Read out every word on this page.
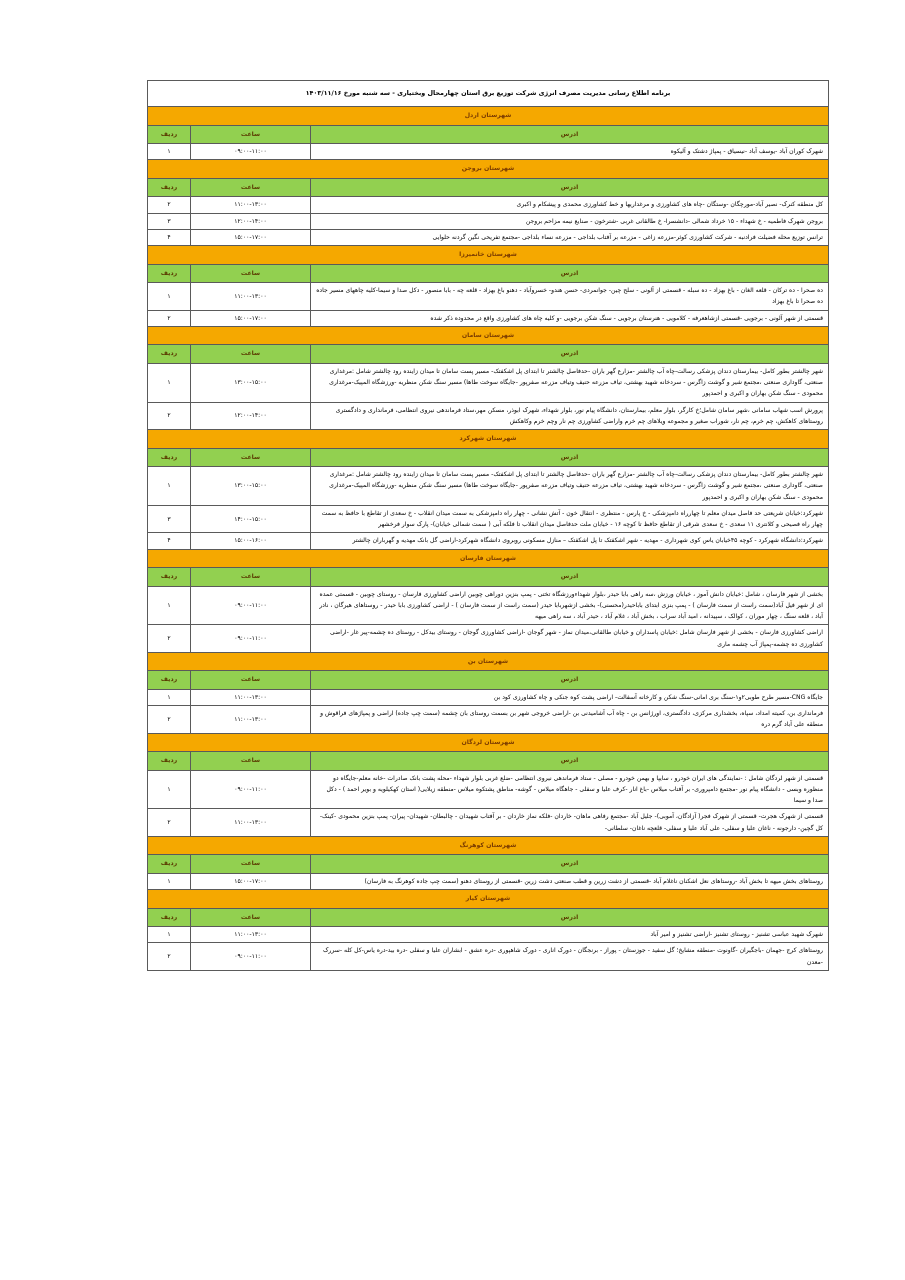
برنامه اطلاع رسانی مدیریت مصرف انرژی شرکت توزیع برق استان چهارمحال وبختیاری - سه شنبه مورخ ۱۴۰۳/۱۱/۱۶		
شهرستان اردل		
ادرس	ساعت	ردیف
شهرک کوران آباد -یوسف آباد -نیسیاق - پمپاژ دشتک و آلیکوه	۰۹:۰۰-۱۱:۰۰	۱
شهرستان بروجن		
ادرس	ساعت	ردیف
کل منطقه کنرک- نصیر آباد-مورچگان -وستگان -چاه های کشاورزی و مرغداریها و خط کشاورزی محمدی و پیشکام و اکبری	۱۱:۰۰-۱۳:۰۰	۲
بروجن شهرک فاطمیه - خ شهداء - ۱۵ خرداد شمالی -دانشسرا- خ طالقانی غربی -شترخون - صنایع نیمه مزاحم بروجن	۱۲:۰۰-۱۴:۰۰	۳
ترانس توزیع محله فضیلت فرادنبه - شرکت کشاورزی کوثر-مزرعه زاغی - مزرعه بر آفتاب بلداجی - مزرعه نساء بلداجی -مجتمع تفریحی نگین گردنه حلوایی	۱۵:۰۰-۱۷:۰۰	۴
شهرستان خانمیرزا		
ادرس	ساعت	ردیف
ده صحرا - ده ترکان - قلعه الغان - باغ بهزاد - ده سبله - قسمتی از آلونی - سلح چین- جوانمردی- حسن هندو- خسروآباد - دهنو باغ بهزاد - قلعه چه - بابا منصور - دکل صدا و سیما-کلیه چاههای مسیر جاده ده صحرا تا باغ بهزاد	۱۱:۰۰-۱۳:۰۰	۱
قسمتی از شهر آلونی - برجویی -قسمتی ازشاهعرفه - کلامویی - هنرستان برجویی - سنگ شکن برجویی -و کلیه چاه های کشاورزی واقع در محدوده ذکر شده	۱۵:۰۰-۱۷:۰۰	۲
شهرستان سامان		
ادرس	ساعت	ردیف
شهر چالشتر بطور کامل- بیمارستان دندان پزشکی رسالت-چاه آب چالشتر -مزارع گهر باران -حدفاصل چالشتر تا ابتدای پل اشکفتک- مسیر پست سامان تا میدان زاینده رود چالشتر شامل :مرغداری صنعتی، گاوداری صنعتی ،مجتمع شیر و گوشت زاگرس - سردخانه شهید بهشتی، تیاف مزرعه حنیف وتیاف مزرعه صفرپور -جایگاه سوخت طاها) مسیر سنگ شکن منظریه -ورزشگاه المپیک-مرغداری محمودی - سنگ شکن بهاران و اکبری و احمدپور	۱۳:۰۰-۱۵:۰۰	۱
پرورش اسب شهاب سامانی ،شهر سامان شامل؛خ کارگر، بلوار معلم، بیمارستان، دانشگاه پیام نور، بلوار شهداء، شهرک ابوذر، مسکن مهر،ستاد فرماندهی نیروی انتظامی، فرمانداری و دادگستری روستاهای کاهکش، چم خرم، چم نار، شوراب صغیر و مجموعه ویلاهای چم خرم واراضی کشاورزی چم نار وچم خرم وکاهکش	۱۲:۰۰-۱۴:۰۰	۲
شهرستان شهرکرد		
ادرس	ساعت	ردیف
شهر چالشتر بطور کامل- بیمارستان دندان پزشکی رسالت-چاه آب چالشتر -مزارع گهر باران -حدفاصل چالشتر تا ابتدای پل اشکفتک- مسیر پست سامان تا میدان زاینده رود چالشتر شامل :مرغداری صنعتی، گاوداری صنعتی ،مجتمع شیر و گوشت زاگرس - سردخانه شهید بهشتی، تیاف مزرعه حنیف وتیاف مزرعه صفرپور -جایگاه سوخت طاها) مسیر سنگ شکن منظریه -ورزشگاه المپیک-مرغداری محمودی - سنگ شکن بهاران و اکبری و احمدپور	۱۳:۰۰-۱۵:۰۰	۱
شهرکرد:خیابان شریعتی حد فاصل میدان معلم تا چهارراه دامپزشکی - خ پارس - منتظری - انتقال خون - آتش نشانی - چهار راه دامپزشکی به سمت میدان انقلاب - خ سعدی از تقاطع با حافظ به سمت چهار راه فصیحی و کلانتری ۱۱ سعدی - خ سعدی شرقی از تقاطع حافظ تا کوچه ۱۶ - خیابان ملت حدفاصل میدان انقلاب تا فلکه آبی ( سمت شمالی خیابان)- پارک سوار فرخشهر	۱۴:۰۰-۱۵:۰۰	۳
شهرکرد:دانشگاه شهرکرد - کوچه ۴۵خیابان یاس کوی شهرداری - مهدیه - شهر اشکفتک تا پل اشکفتک – منازل مسکونی روبروی دانشگاه شهرکرد-اراضی گل بانک مهدیه و گهرباران چالشتر	۱۵:۰۰-۱۶:۰۰	۴
شهرستان فارسان		
ادرس	ساعت	ردیف
بخشی از شهر فارسان ، شامل :خیابان دانش آموز ، خیابان ورزش ،سه راهی بابا حیدر ،بلوار شهداءورزشگاه تختی - پمپ بنزین دوراهی چوبین اراضی کشاورزی فارسان - روستای چوبین - قسمتی عمده ای از شهر فیل آباد(سمت راست از سمت فارسان ) - پمپ بنزی ابتدای باباحیدر(محسنی)- بخشی ازشهربابا حیدر (سمت راست از سمت فارسان ) - اراضی کشاورزی بابا حیدر - روستاهای هیرگان ، نادر آباد ، قلعه سنگ ، چهار موران ، کوالک ، سپیدانه ، امید آباد سراب ، بخش آباد ، غلام آباد ، حیدر آباد ، سه راهی میهه	۰۹:۰۰-۱۱:۰۰	۱
اراضی کشاورزی فارسان - بخشی از شهر فارسان شامل :خیابان پاسداران و خیابان طالقانی،میدان نماز - شهر گوجان -اراضی کشاورزی گوجان - روستای بیدکل - روستای ده چشمه-پیر غار -اراضی کشاورزی ده چشمه-پمپاژ آب چشمه ماری	۰۹:۰۰-۱۱:۰۰	۲
شهرستان بن		
ادرس	ساعت	ردیف
جایگاه CNG-مسیر طرح طوبی۲و۱-سنگ بری امانی-سنگ شکن و کارخانه آسفالت- اراضی پشت کوه جنکی و چاه کشاورزی کود بن	۱۱:۰۰-۱۳:۰۰	۱
فرمانداری بن، کمیته امداد، سپاه، بخشداری مرکزی، دادگستری، اورژانس بن - چاه آب آشامیدنی بن -اراضی خروجی شهر بن بسمت روستای بان چشمه (سمت چپ جاده) اراضی و پمپاژهای فراقوش و منطقه علی آباد گرم دره	۱۱:۰۰-۱۳:۰۰	۲
شهرستان لردگان		
ادرس	ساعت	ردیف
قسمتی از شهر لردگان شامل : -نمایندگی های ایران خودرو ، سایپا و بهمن خودرو - مصلی - ستاد فرماندهی نیروی انتظامی -ضلع غربی بلوار شهداء -محله پشت بانک صادرات -خانه معلم-جایگاه دو منظوره وبسی - دانشگاه پیام نور -مجتمع دامپروری- بر آفتاب میلاس -باغ انار -کرف علیا و سفلی - جاهگاه میلاس - گوشه- مناطق پشتکوه میلاس -منطقه زیلایی( استان کهکیلویه و بویر احمد ) - دکل صدا و سیما	۰۹:۰۰-۱۱:۰۰	۱
قسمتی از شهرک هجرت- قسمتی از شهرک فجر( آزادگان، آموبی)- جلیل آباد -مجتمع رفاهی ماهان- خاردان -فلکه نماز خاردان - بر آفتاب شهیدان - چالبطان- شهیدان- پیران- پمپ بنزین محمودی -کینک- کل گچین- دارجونه - ناغان علیا و سفلی- علی آباد علیا و سفلی- قلعچه ناغان- سلطانی-	۱۱:۰۰-۱۳:۰۰	۲
شهرستان کوهرنگ		
ادرس	ساعت	ردیف
روستاهای بخش میهه تا بخش آباد -روستاهای نعل اشکنان ناغلام آباد -قسمتی از دشت زرین و قطب صنعتی دشت زرین -قسمتی از روستای دهنو (سمت چپ جاده کوهرنگ به فارسان)	۱۵:۰۰-۱۷:۰۰	۱
شهرستان کیار		
ادرس	ساعت	ردیف
شهرک شهید عباسی تشنیز - روستای تشنیز -اراضی تشنیز و امیر آباد	۱۱:۰۰-۱۳:۰۰	۱
روستاهای کرج -جهمان -باجگیران -گاونوت -منطقه مشایخ؛ گل سفید - جوزستان - پوراز - برنجگان - دورک اناری - دورک شاهپوری -دره عشق - ابشاران علیا و سفلی -دره بید-دره یاس-کل کله -سررک -معدن	۰۹:۰۰-۱۱:۰۰	۲
